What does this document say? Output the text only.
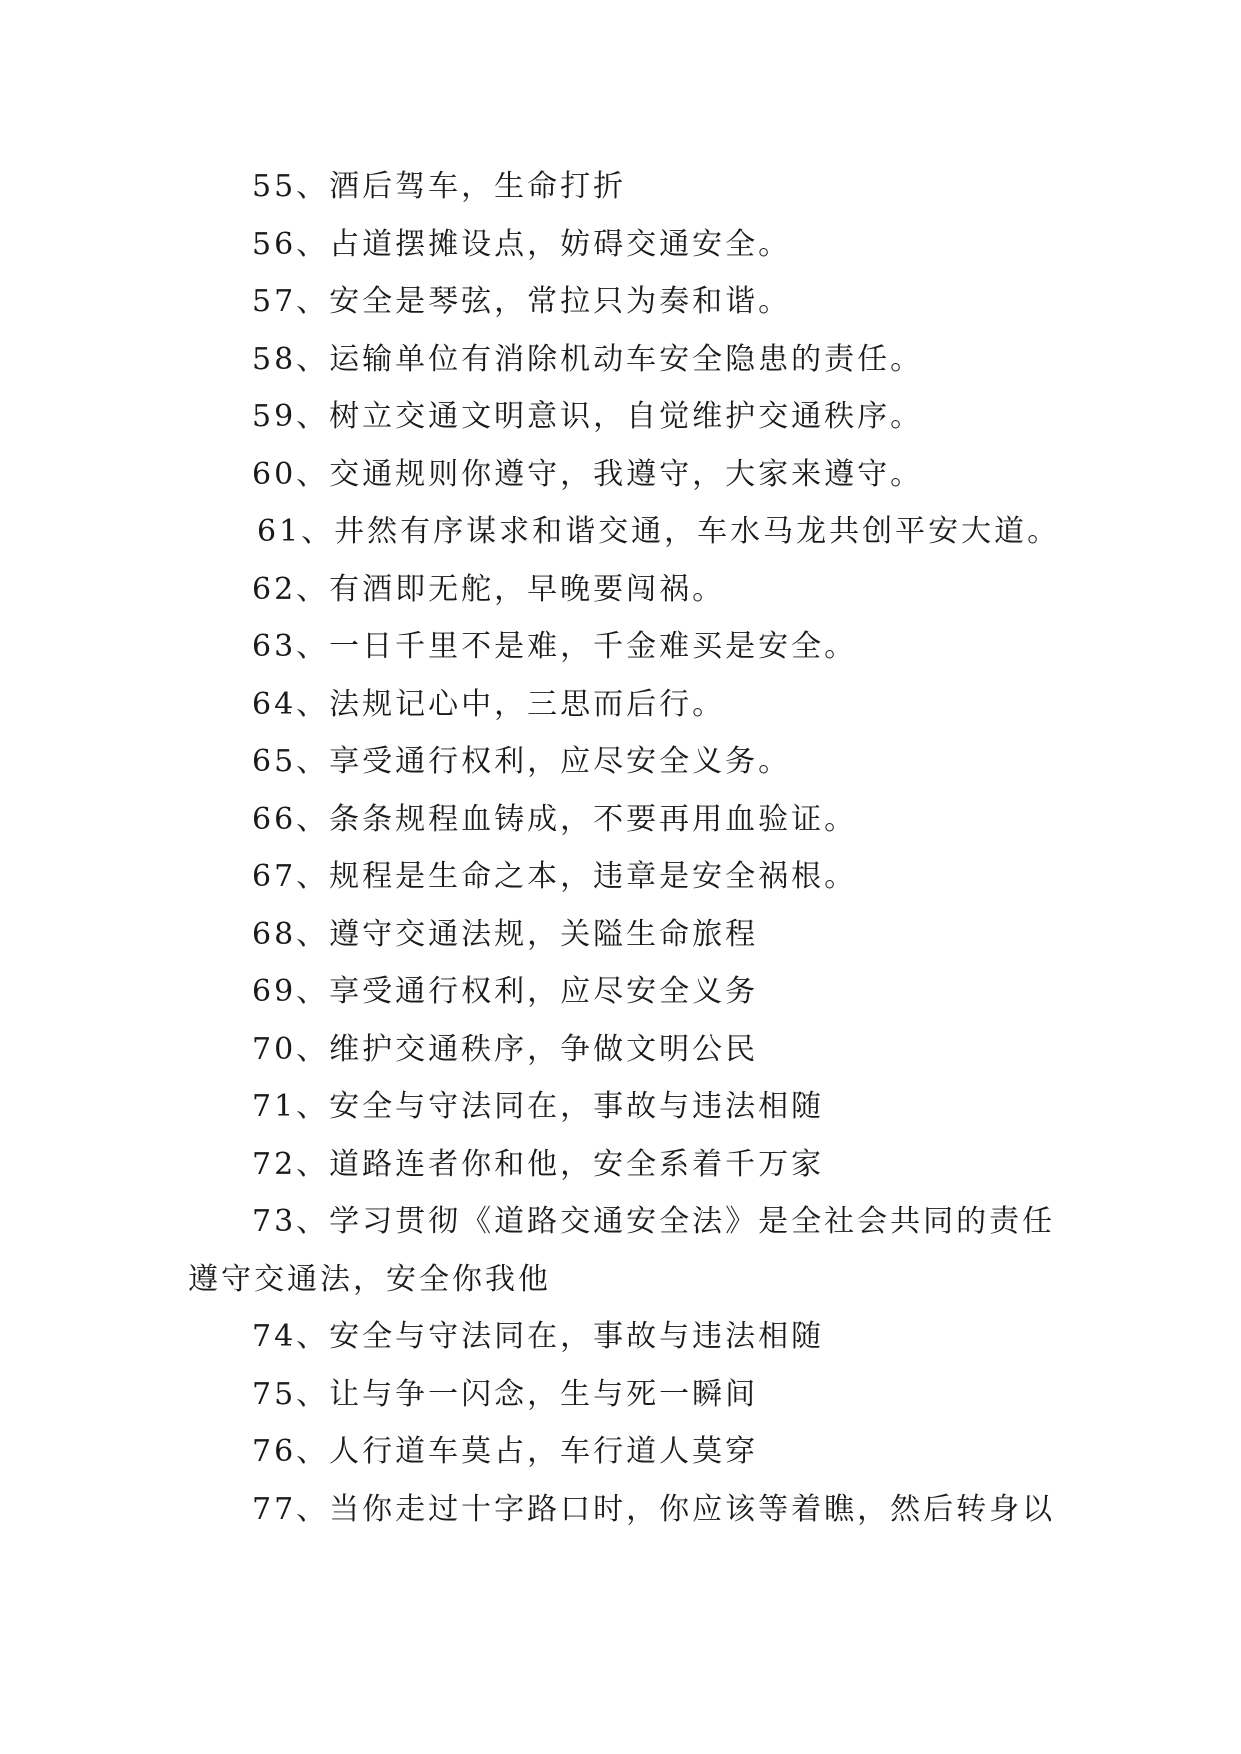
55、酒后驾车，生命打折
56、占道摆摊设点，妨碍交通安全。
57、安全是琴弦，常拉只为奏和谐。
58、运输单位有消除机动车安全隐患的责任。
59、树立交通文明意识，自觉维护交通秩序。
60、交通规则你遵守，我遵守，大家来遵守。
61、井然有序谋求和谐交通，车水马龙共创平安大道。
62、有酒即无舵，早晚要闯祸。
63、一日千里不是难，千金难买是安全。
64、法规记心中，三思而后行。
65、享受通行权利，应尽安全义务。
66、条条规程血铸成，不要再用血验证。
67、规程是生命之本，违章是安全祸根。
68、遵守交通法规，关隘生命旅程
69、享受通行权利，应尽安全义务
70、维护交通秩序，争做文明公民
71、安全与守法同在，事故与违法相随
72、道路连者你和他，安全系着千万家
73、学习贯彻《道路交通安全法》是全社会共同的责任
遵守交通法，安全你我他
74、安全与守法同在，事故与违法相随
75、让与争一闪念，生与死一瞬间
76、人行道车莫占，车行道人莫穿
77、当你走过十字路口时，你应该等着瞧，然后转身以
